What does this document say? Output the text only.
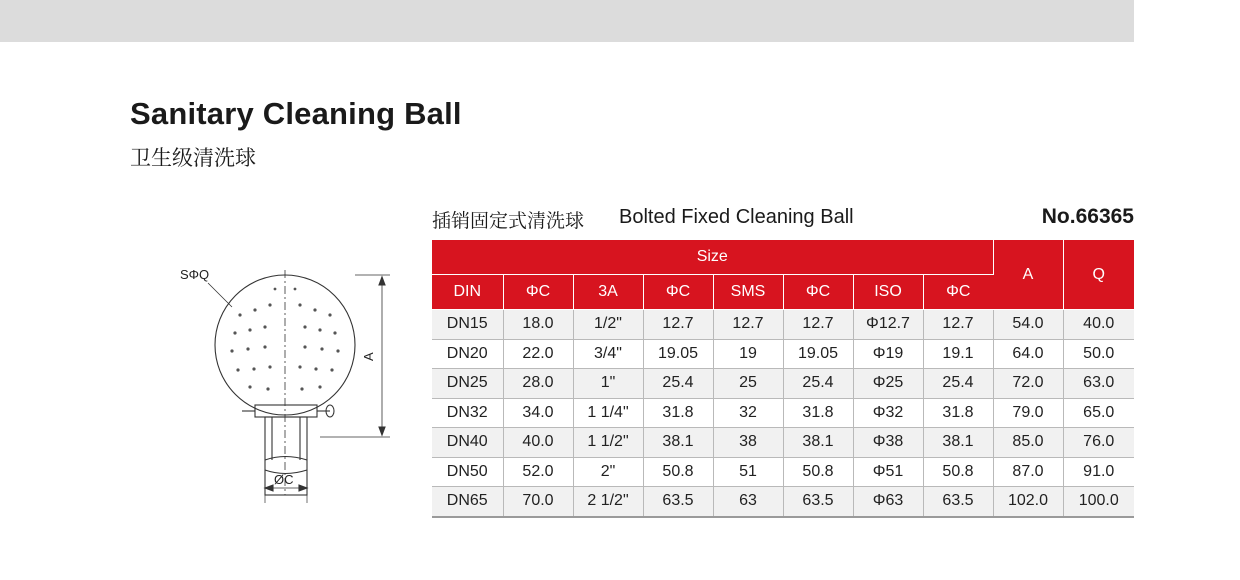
Sanitary Cleaning Ball
卫生级清洗球
SΦQ
A
ØC
插销固定式清洗球 Bolted Fixed Cleaning Ball	No.66365
Size								A	Q
DIN	ΦC	3A	ΦC	SMS	ΦC	ISO	ΦC		
DN15	18.0	1/2"	12.7	12.7	12.7	Φ12.7	12.7	54.0	40.0
DN20	22.0	3/4"	19.05	19	19.05	Φ19	19.1	64.0	50.0
DN25	28.0	1"	25.4	25	25.4	Φ25	25.4	72.0	63.0
DN32	34.0	1 1/4"	31.8	32	31.8	Φ32	31.8	79.0	65.0
DN40	40.0	1 1/2"	38.1	38	38.1	Φ38	38.1	85.0	76.0
DN50	52.0	2"	50.8	51	50.8	Φ51	50.8	87.0	91.0
DN65	70.0	2 1/2"	63.5	63	63.5	Φ63	63.5	102.0	100.0
